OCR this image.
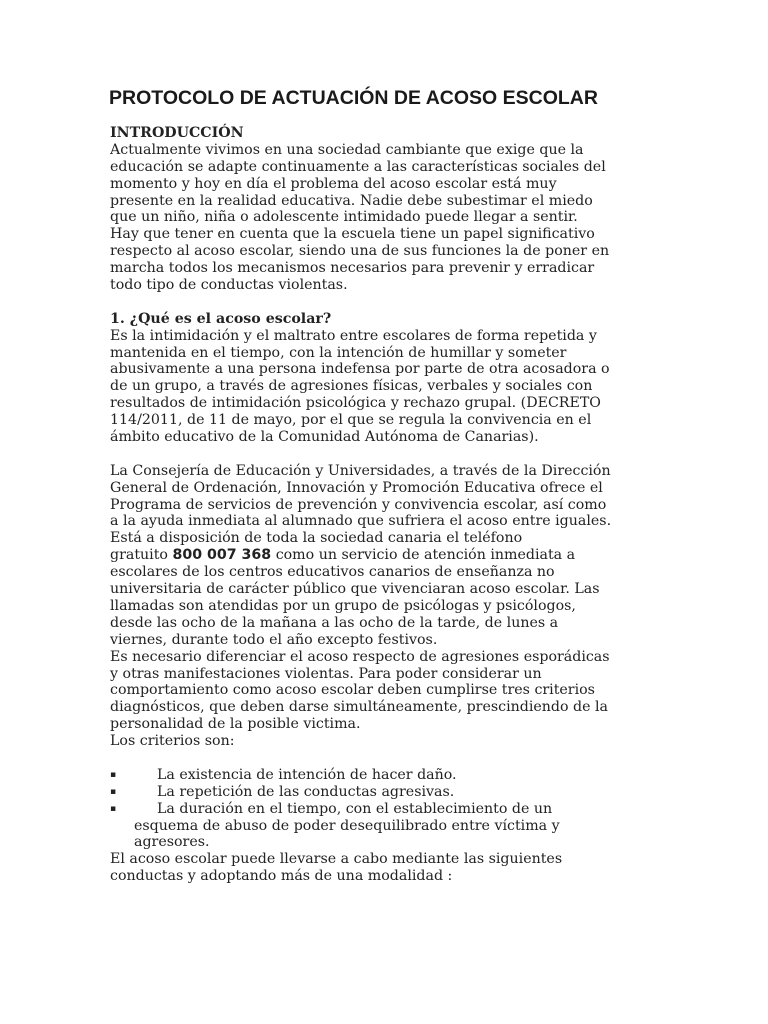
PROTOCOLO DE ACTUACIÓN DE ACOSO ESCOLAR
INTRODUCCIÓN
Actualmente vivimos en una sociedad cambiante que exige que la
educación se adapte continuamente a las características sociales del
momento y hoy en día el problema del acoso escolar está muy
presente en la realidad educativa. Nadie debe subestimar el miedo
que un niño, niña o adolescente intimidado puede llegar a sentir.
Hay que tener en cuenta que la escuela tiene un papel significativo
respecto al acoso escolar, siendo una de sus funciones la de poner en
marcha todos los mecanismos necesarios para prevenir y erradicar
todo tipo de conductas violentas.
1. ¿Qué es el acoso escolar?
Es la intimidación y el maltrato entre escolares de forma repetida y
mantenida en el tiempo, con la intención de humillar y someter
abusivamente a una persona indefensa por parte de otra acosadora o
de un grupo, a través de agresiones físicas, verbales y sociales con
resultados de intimidación psicológica y rechazo grupal. (DECRETO
114/2011, de 11 de mayo, por el que se regula la convivencia en el
ámbito educativo de la Comunidad Autónoma de Canarias).
La Consejería de Educación y Universidades, a través de la Dirección
General de Ordenación, Innovación y Promoción Educativa ofrece el
Programa de servicios de prevención y convivencia escolar, así como
a la ayuda inmediata al alumnado que sufriera el acoso entre iguales.
Está a disposición de toda la sociedad canaria el teléfono
gratuito 800 007 368 como un servicio de atención inmediata a
escolares de los centros educativos canarios de enseñanza no
universitaria de carácter público que vivenciaran acoso escolar. Las
llamadas son atendidas por un grupo de psicólogas y psicólogos,
desde las ocho de la mañana a las ocho de la tarde, de lunes a
viernes, durante todo el año excepto festivos.
Es necesario diferenciar el acoso respecto de agresiones esporádicas
y otras manifestaciones violentas. Para poder considerar un
comportamiento como acoso escolar deben cumplirse tres criterios
diagnósticos, que deben darse simultáneamente, prescindiendo de la
personalidad de la posible victima.
Los criterios son:
▪	La existencia de intención de hacer daño.
▪	La repetición de las conductas agresivas.
▪	La duración en el tiempo, con el establecimiento de un
esquema de abuso de poder desequilibrado entre víctima y
agresores.
El acoso escolar puede llevarse a cabo mediante las siguientes
conductas y adoptando más de una modalidad :
